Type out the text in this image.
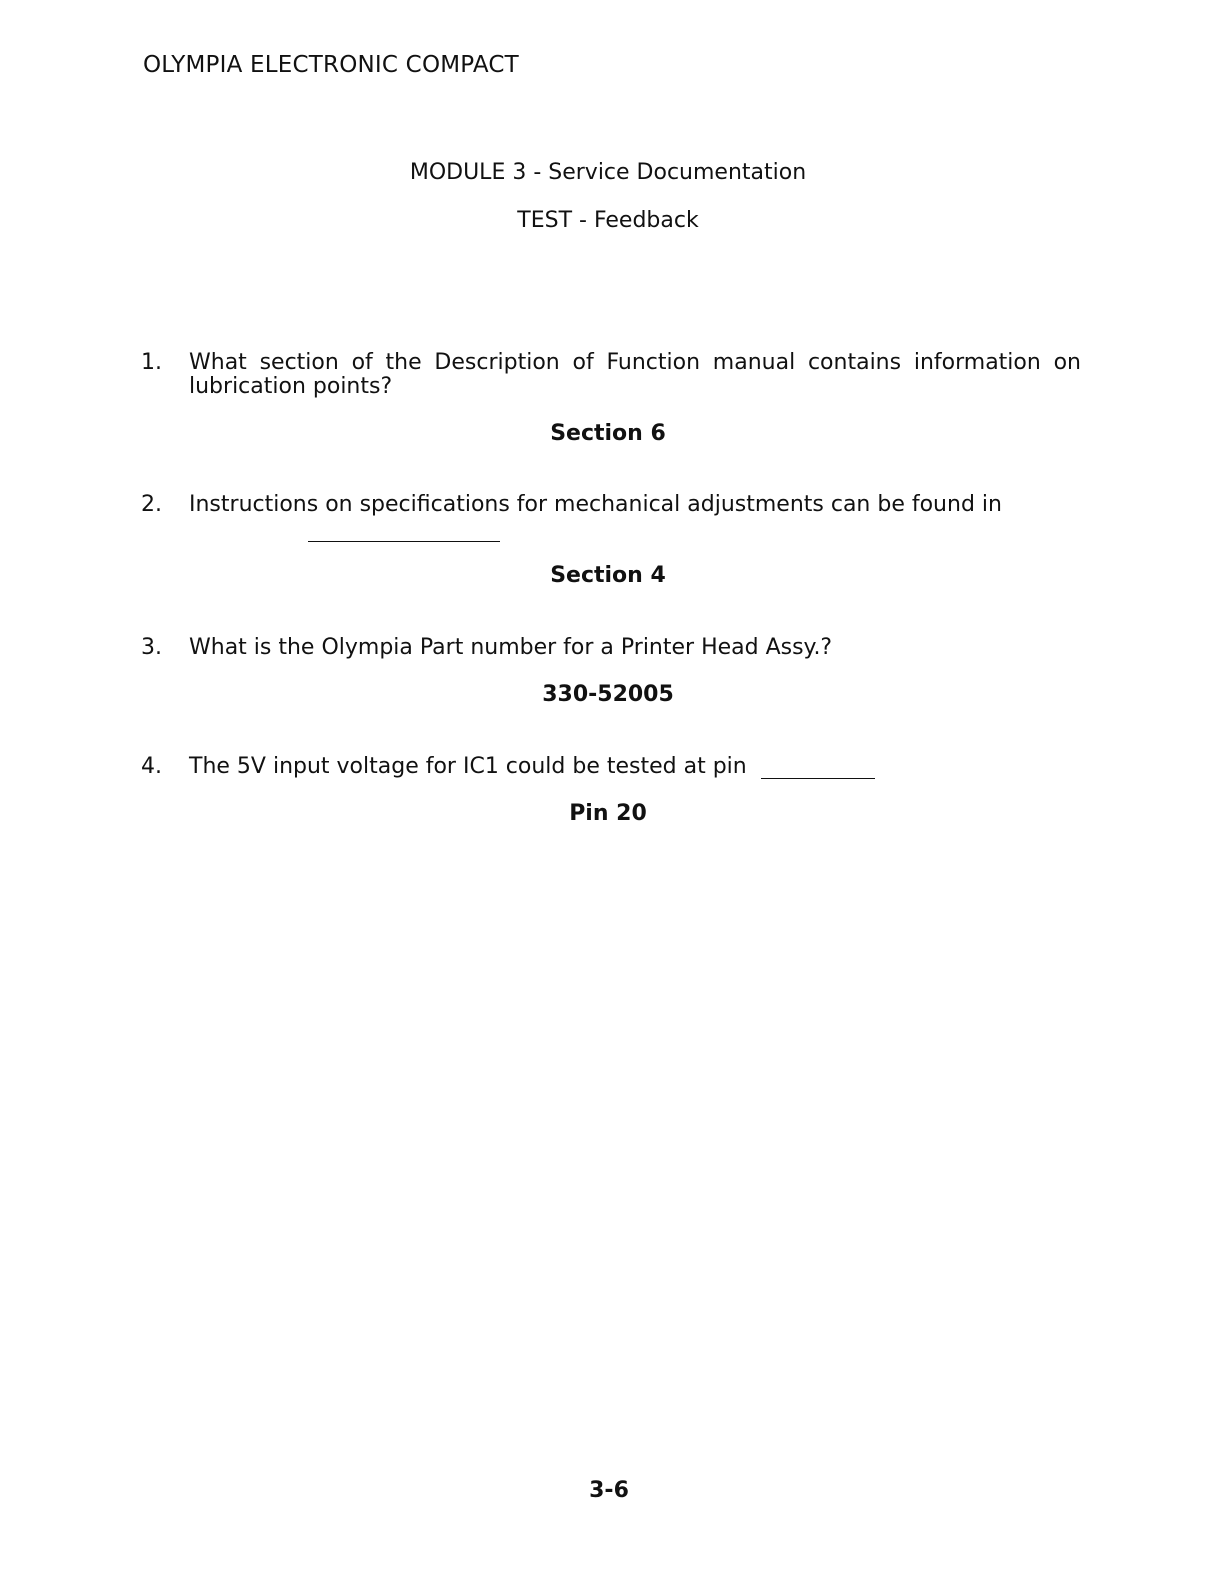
OLYMPIA ELECTRONIC COMPACT
MODULE 3 - Service Documentation
TEST - Feedback
1.	What section of the Description of Function manual contains information on lubrication points?
Section 6
2.	Instructions on specifications for mechanical adjustments can be found in
Section 4
3.	What is the Olympia Part number for a Printer Head Assy.?
330-52005
4.	The 5V input voltage for IC1 could be tested at pin
Pin 20
3-6
